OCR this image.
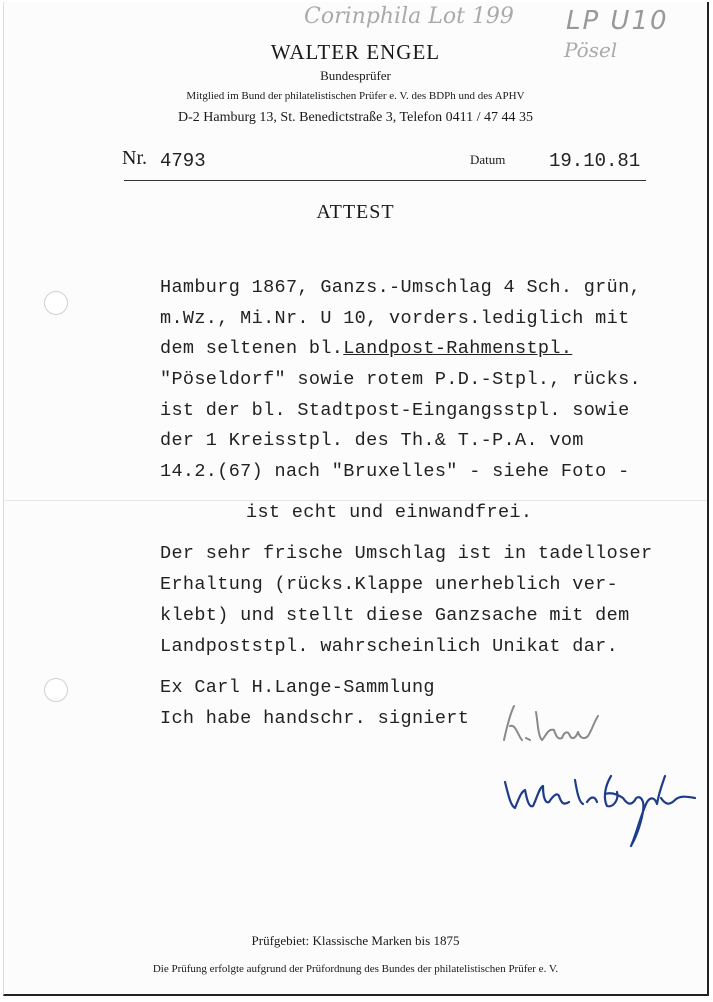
Corinphila Lot 199 LP U10
Pösel
WALTER ENGEL
Bundesprüfer
Mitglied im Bund der philatelistischen Prüfer e. V. des BDPh und des APHV
D-2 Hamburg 13, St. Benedictstraße 3, Telefon 0411 / 47 44 35
Nr. 4793	Datum 19.10.81
ATTEST
Hamburg 1867, Ganzs.-Umschlag 4 Sch. grün,
m.Wz., Mi.Nr. U 10, vorders.lediglich mit
dem seltenen bl.Landpost-Rahmenstpl.
"Pöseldorf" sowie rotem P.D.-Stpl., rücks.
ist der bl. Stadtpost-Eingangsstpl. sowie
der 1 Kreisstpl. des Th.& T.-P.A. vom
14.2.(67) nach "Bruxelles" - siehe Foto -
ist echt und einwandfrei.
Der sehr frische Umschlag ist in tadelloser
Erhaltung (rücks.Klappe unerheblich ver-
klebt) und stellt diese Ganzsache mit dem
Landpoststpl. wahrscheinlich Unikat dar.
Ex Carl H.Lange-Sammlung
Ich habe handschr. signiert
Prüfgebiet: Klassische Marken bis 1875
Die Prüfung erfolgte aufgrund der Prüfordnung des Bundes der philatelistischen Prüfer e. V.
